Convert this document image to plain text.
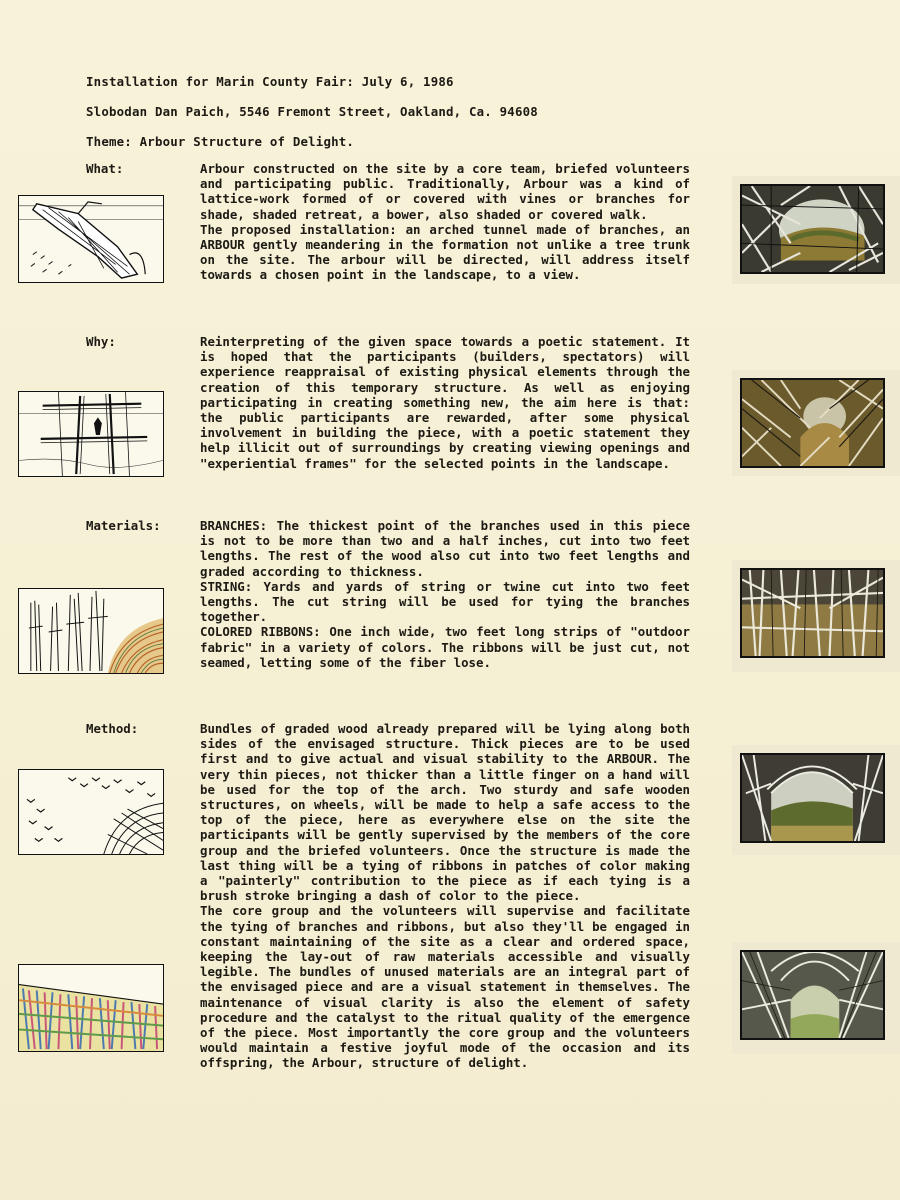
Installation for Marin County Fair: July 6, 1986
Slobodan Dan Paich, 5546 Fremont Street, Oakland, Ca. 94608
Theme: Arbour Structure of Delight.
What:	Arbour constructed on the site by a core team, briefed volunteers and participating public. Traditionally, Arbour was a kind of lattice-work formed of or covered with vines or branches for shade, shaded retreat, a bower, also shaded or covered walk.

The proposed installation: an arched tunnel made of branches, an ARBOUR gently meandering in the formation not unlike a tree trunk on the site. The arbour will be directed, will address itself towards a chosen point in the landscape, to a view.

Why:	Reinterpreting of the given space towards a poetic statement. It is hoped that the participants (builders, spectators) will experience reappraisal of existing physical elements through the creation of this temporary structure. As well as enjoying participating in creating something new, the aim here is that: the public participants are rewarded, after some physical involvement in building the piece, with a poetic statement they help illicit out of surroundings by creating viewing openings and "experiential frames" for the selected points in the landscape.

Materials:	BRANCHES: The thickest point of the branches used in this piece is not to be more than two and a half inches, cut into two feet lengths. The rest of the wood also cut into two feet lengths and graded according to thickness.

STRING: Yards and yards of string or twine cut into two feet lengths. The cut string will be used for tying the branches together.

COLORED RIBBONS: One inch wide, two feet long strips of "outdoor fabric" in a variety of colors. The ribbons will be just cut, not seamed, letting some of the fiber lose.

Method:	Bundles of graded wood already prepared will be lying along both sides of the envisaged structure. Thick pieces are to be used first and to give actual and visual stability to the ARBOUR. The very thin pieces, not thicker than a little finger on a hand will be used for the top of the arch. Two sturdy and safe wooden structures, on wheels, will be made to help a safe access to the top of the piece, here as everywhere else on the site the participants will be gently supervised by the members of the core group and the briefed volunteers. Once the structure is made the last thing will be a tying of ribbons in patches of color making a "painterly" contribution to the piece as if each tying is a brush stroke bringing a dash of color to the piece.

The core group and the volunteers will supervise and facilitate the tying of branches and ribbons, but also they'll be engaged in constant maintaining of the site as a clear and ordered space, keeping the lay-out of raw materials accessible and visually legible. The bundles of unused materials are an integral part of the envisaged piece and are a visual statement in themselves. The maintenance of visual clarity is also the element of safety procedure and the catalyst to the ritual quality of the emergence of the piece. Most importantly the core group and the volunteers would maintain a festive joyful mode of the occasion and its offspring, the Arbour, structure of delight.
